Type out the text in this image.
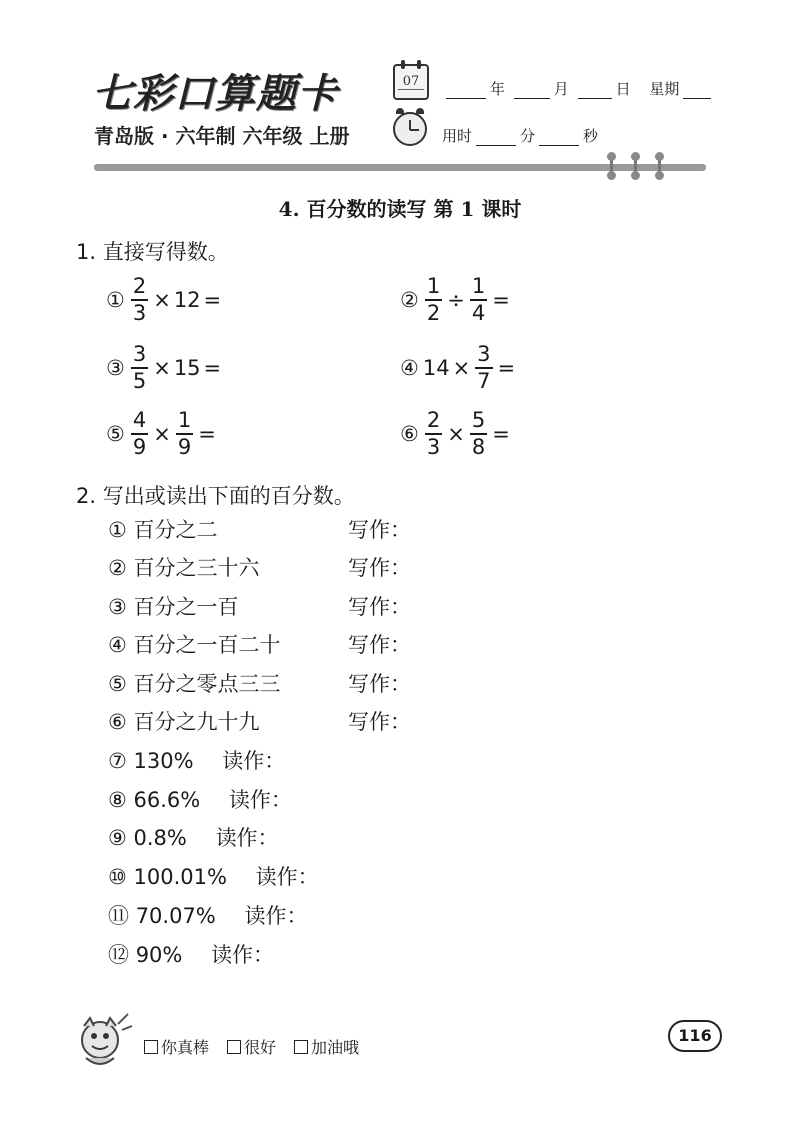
七彩口算题卡
青岛版 · 六年制 六年级 上册
07	年	月	日 星期
用时	分	秒
4. 百分数的读写 第 1 课时
1. 直接写得数。
① $\frac{2}{3} \times 12$ =	② $\frac{1}{2} \div \frac{1}{4}$ =
③ $\frac{3}{5} \times 15$ =	④ $14 \times \frac{3}{7}$ =
⑤ $\frac{4}{9} \times \frac{1}{9}$ =	⑥ $\frac{2}{3} \times \frac{5}{8}$ =
2. 写出或读出下面的百分数。
① 百分之二	写作：
② 百分之三十六	写作：
③ 百分之一百	写作：
④ 百分之一百二十	写作：
⑤ 百分之零点三三	写作：
⑥ 百分之九十九	写作：
⑦ 130% 读作：
⑧ 66.6% 读作：
⑨ 0.8% 读作：
⑩ 100.01% 读作：
⑪ 70.07% 读作：
⑫ 90% 读作：
你真棒 很好 加油哦
116
